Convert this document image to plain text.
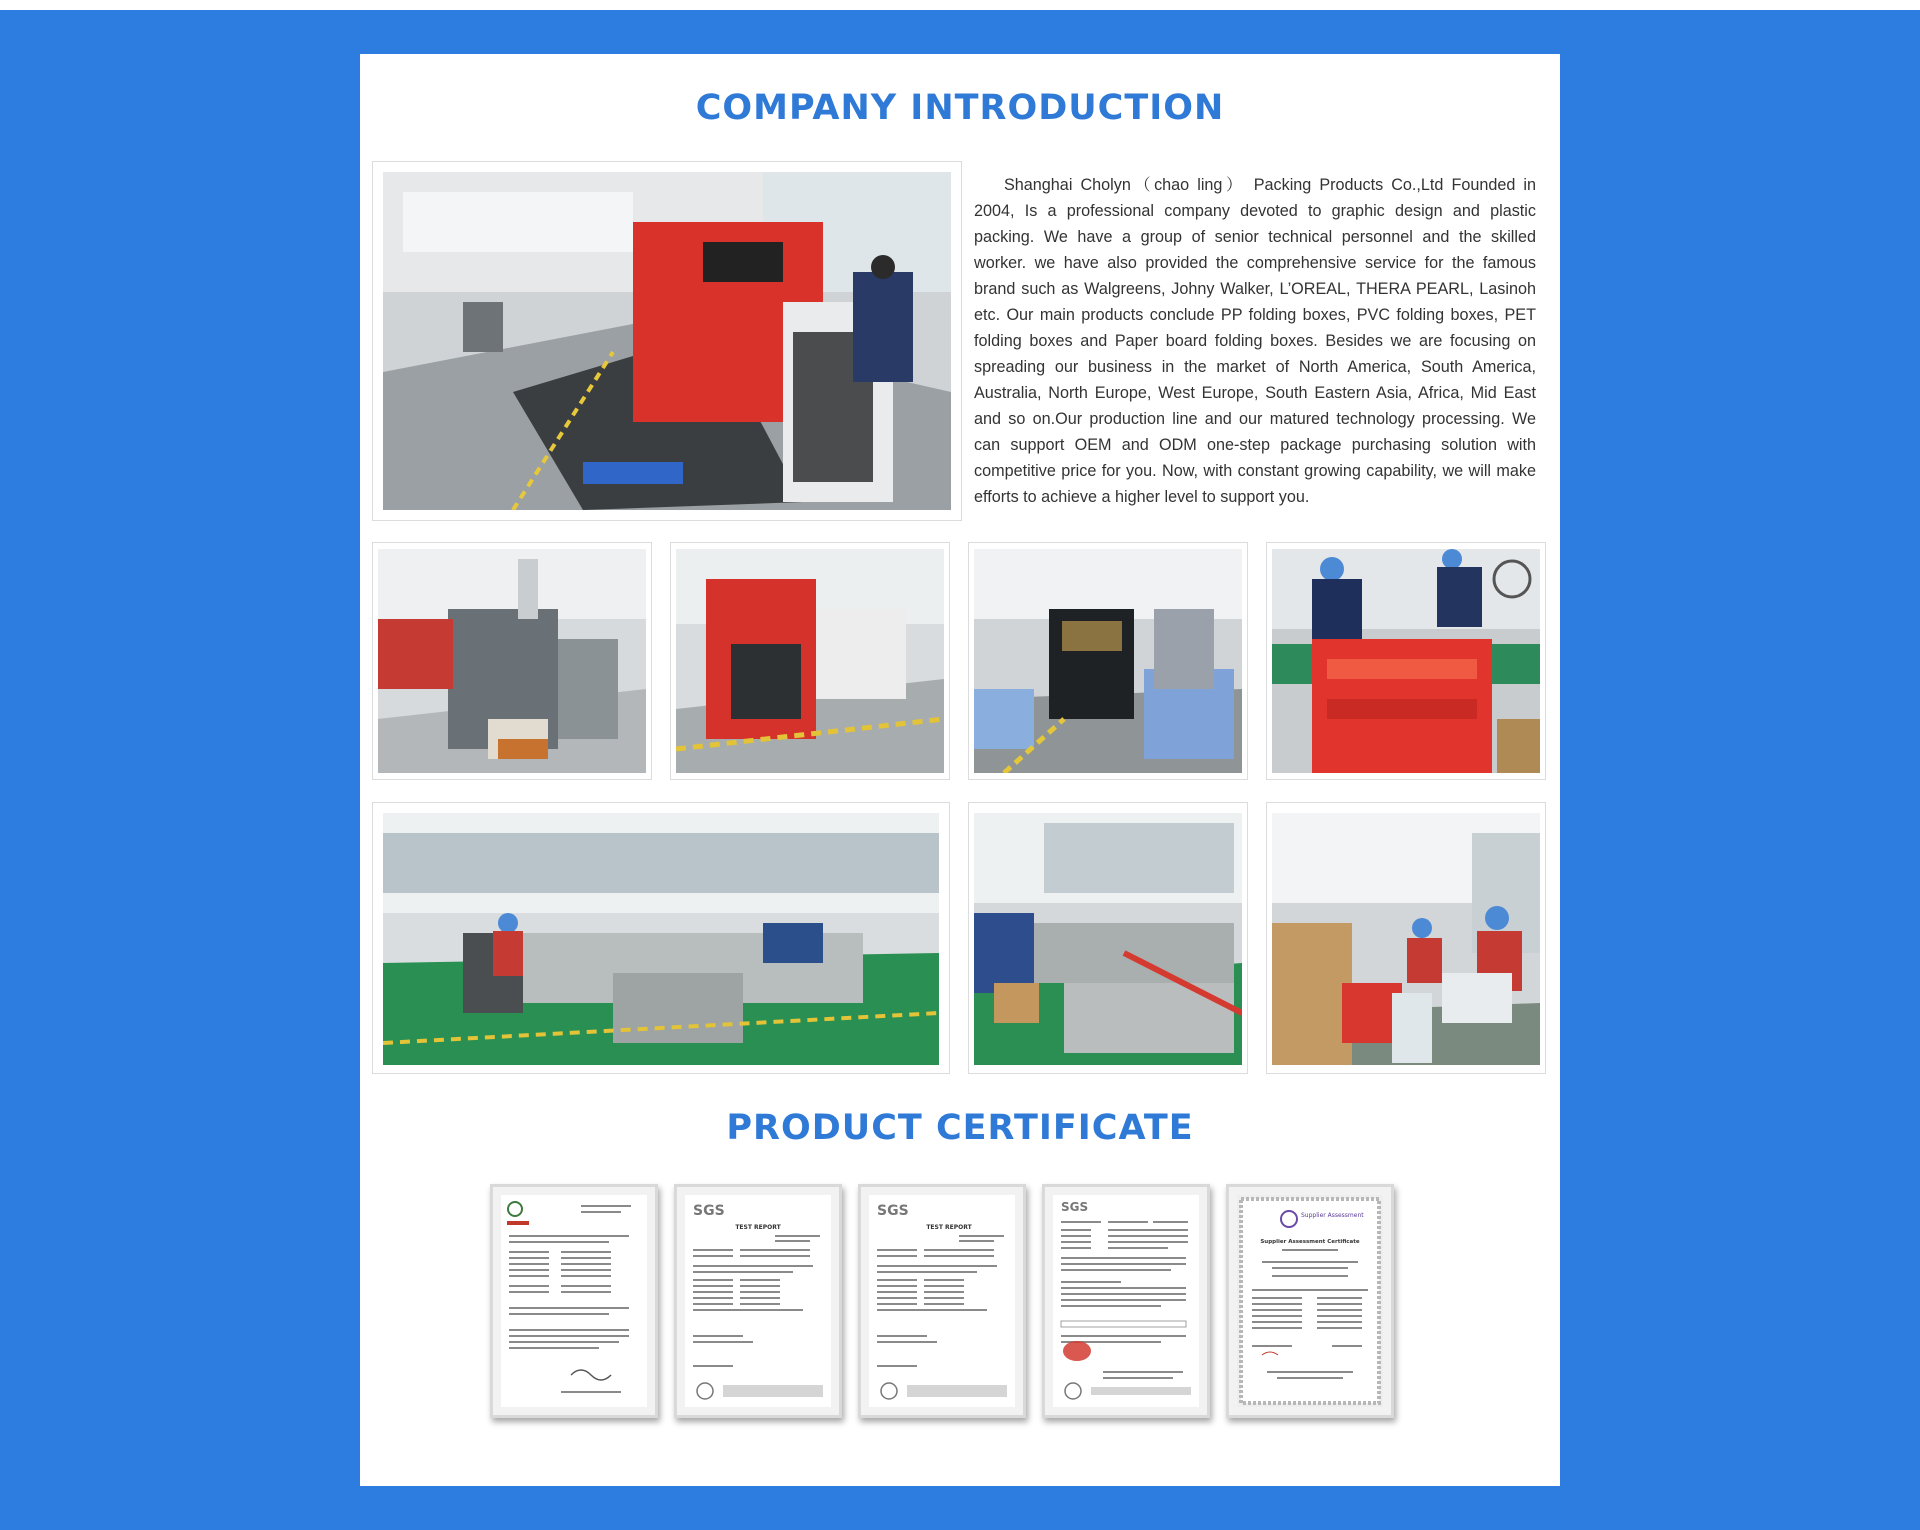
COMPANY INTRODUCTION
Shanghai Cholyn（chao ling） Packing Products Co.,Ltd Founded in 2004, Is a professional company devoted to graphic design and plastic packing. We have a group of senior technical personnel and the skilled worker. we have also provided the comprehensive service for the famous brand such as Walgreens, Johny Walker, L’OREAL, THERA PEARL, Lasinoh etc. Our main products conclude PP folding boxes, PVC folding boxes, PET folding boxes and Paper board folding boxes. Besides we are focusing on spreading our business in the market of North America, South America, Australia, North Europe, West Europe, South Eastern Asia, Africa, Mid East and so on.Our production line and our matured technology processing. We can support OEM and ODM one-step package purchasing solution with competitive price for you. Now, with constant growing capability, we will make efforts to achieve a higher level to support you.
PRODUCT CERTIFICATE
SGS
TEST REPORT
SGS
TEST REPORT
SGS
Supplier Assessment
Supplier Assessment Certificate
